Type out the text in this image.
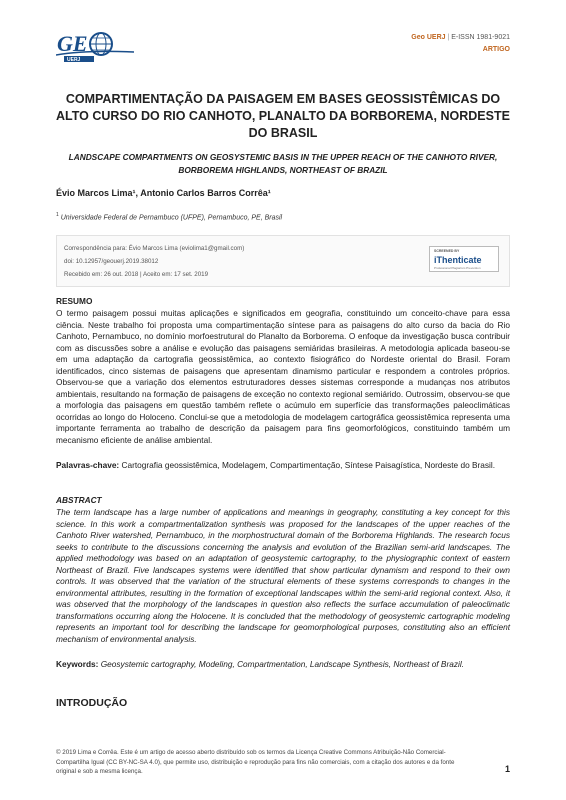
GE
UERJ
Geo UERJ | E-ISSN 1981-9021
ARTIGO
COMPARTIMENTAÇÃO DA PAISAGEM EM BASES GEOSSISTÊMICAS DO ALTO CURSO DO RIO CANHOTO, PLANALTO DA BORBOREMA, NORDESTE DO BRASIL
LANDSCAPE COMPARTMENTS ON GEOSYSTEMIC BASIS IN THE UPPER REACH OF THE CANHOTO RIVER, BORBOREMA HIGHLANDS, NORTHEAST OF BRAZIL
Évio Marcos Lima¹, Antonio Carlos Barros Corrêa¹
$^1$ Universidade Federal de Pernambuco (UFPE), Pernambuco, PE, Brasil
Correspondência para: Évio Marcos Lima (eviolima1@gmail.com)
doi: 10.12957/geouerj.2019.38012
Recebido em: 26 out. 2018 | Aceito em: 17 set. 2019
SCREENED BY
iThenticate
Professional Plagiarism Prevention
RESUMO
O termo paisagem possui muitas aplicações e significados em geografia, constituindo um conceito-chave para essa ciência. Neste trabalho foi proposta uma compartimentação síntese para as paisagens do alto curso da bacia do Rio Canhoto, Pernambuco, no domínio morfoestrutural do Planalto da Borborema. O enfoque da investigação busca contribuir com as discussões sobre a análise e evolução das paisagens semiáridas brasileiras. A metodologia aplicada baseou-se em uma adaptação da cartografia geossistêmica, ao contexto fisiográfico do Nordeste oriental do Brasil. Foram identificados, cinco sistemas de paisagens que apresentam dinamismo particular e respondem a controles próprios. Observou-se que a variação dos elementos estruturadores desses sistemas corresponde a mudanças nos atributos ambientais, resultando na formação de paisagens de exceção no contexto regional semiárido. Outrossim, observou-se que a morfologia das paisagens em questão também reflete o acúmulo em superfície das transformações paleoclimáticas ocorridas ao longo do Holoceno. Conclui-se que a metodologia de modelagem cartográfica geossistêmica representa uma importante ferramenta ao trabalho de descrição da paisagem para fins geomorfológicos, constituindo também um mecanismo eficiente de análise ambiental.
Palavras-chave: Cartografia geossistêmica, Modelagem, Compartimentação, Síntese Paisagística, Nordeste do Brasil.
ABSTRACT
The term landscape has a large number of applications and meanings in geography, constituting a key concept for this science. In this work a compartmentalization synthesis was proposed for the landscapes of the upper reaches of the Canhoto River watershed, Pernambuco, in the morphostructural domain of the Borborema Highlands. The research focus seeks to contribute to the discussions concerning the analysis and evolution of the Brazilian semi-arid landscapes. The applied methodology was based on an adaptation of geosystemic cartography, to the physiographic context of eastern Northeast of Brazil. Five landscapes systems were identified that show particular dynamism and respond to their own controls. It was observed that the variation of the structural elements of these systems corresponds to changes in the environmental attributes, resulting in the formation of exceptional landscapes within the semi-arid regional context. Also, it was observed that the morphology of the landscapes in question also reflects the surface accumulation of paleoclimatic transformations occurring along the Holocene. It is concluded that the methodology of geosystemic cartographic modeling represents an important tool for describing the landscape for geomorphological purposes, constituting also an efficient mechanism of environmental analysis.
Keywords: Geosystemic cartography, Modeling, Compartmentation, Landscape Synthesis, Northeast of Brazil.
INTRODUÇÃO
© 2019 Lima e Corrêa. Este é um artigo de acesso aberto distribuído sob os termos da Licença Creative Commons Atribuição-Não Comercial-Compartilha Igual (CC BY-NC-SA 4.0), que permite uso, distribuição e reprodução para fins não comerciais, com a citação dos autores e da fonte original e sob a mesma licença.	1
